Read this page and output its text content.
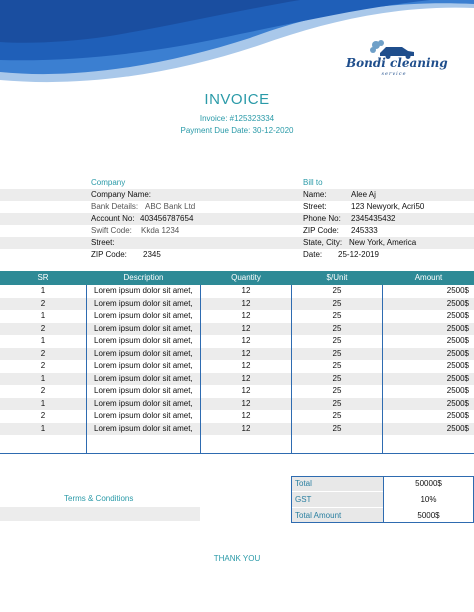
Bondi cleaning
service
INVOICE
Invoice: #125323334
Payment Due Date: 30-12-2020
Company	Bill to
Company Name:	Name:	Alee Aj
Bank Details: ABC Bank Ltd	Street:	123 Newyork, Acri50
Account No: 403456787654	Phone No: 2345435432
Swift Code: Kkda 1234	ZIP Code: 245333
Street:	State, City: New York, America
ZIP Code: 2345	Date: 25-12-2019
SR	Description	Quantity	$/Unit	Amount
1	Lorem ipsum dolor sit amet,	12	25	2500$
2	Lorem ipsum dolor sit amet,	12	25	2500$
1	Lorem ipsum dolor sit amet,	12	25	2500$
2	Lorem ipsum dolor sit amet,	12	25	2500$
1	Lorem ipsum dolor sit amet,	12	25	2500$
2	Lorem ipsum dolor sit amet,	12	25	2500$
2	Lorem ipsum dolor sit amet,	12	25	2500$
1	Lorem ipsum dolor sit amet,	12	25	2500$
2	Lorem ipsum dolor sit amet,	12	25	2500$
1	Lorem ipsum dolor sit amet,	12	25	2500$
2	Lorem ipsum dolor sit amet,	12	25	2500$
1	Lorem ipsum dolor sit amet,	12	25	2500$
Terms & Conditions
Total	50000$
GST	10%
Total Amount	5000$
THANK YOU
